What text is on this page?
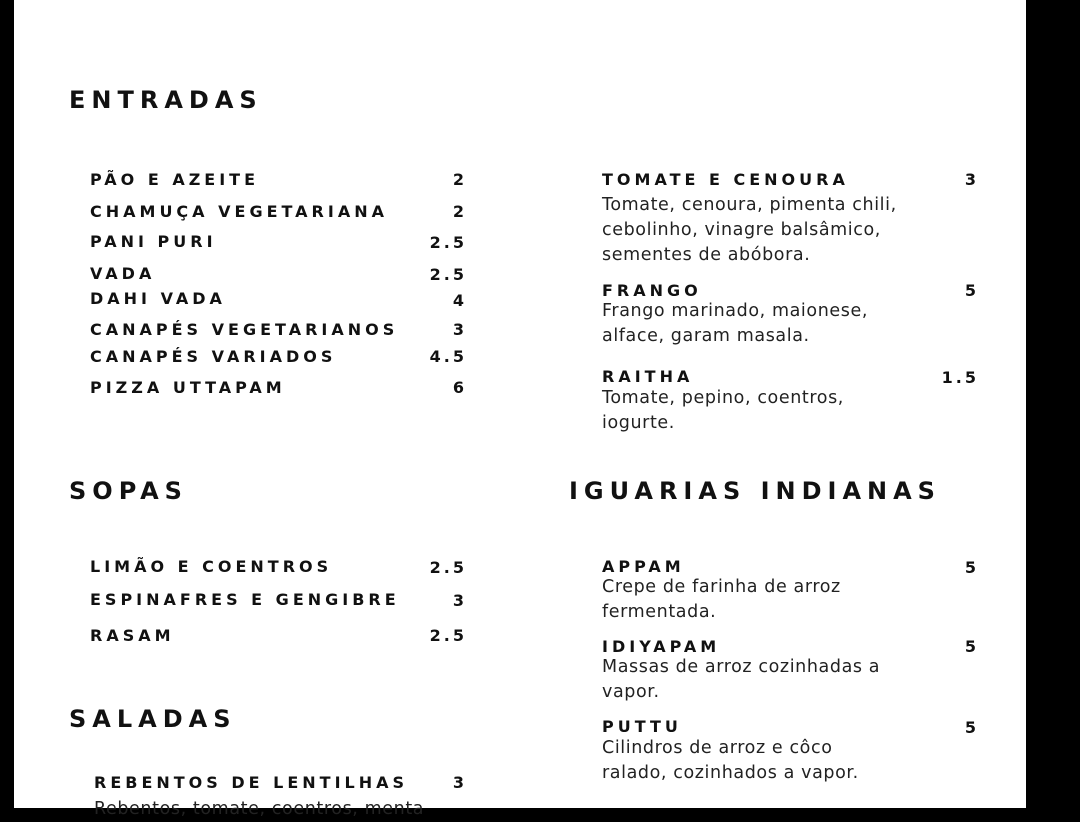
ENTRADAS
PÃO E AZEITE	2
CHAMUÇA VEGETARIANA	2
PANI PURI	2.5
VADA	2.5
DAHI VADA	4
CANAPÉS VEGETARIANOS	3
CANAPÉS VARIADOS	4.5
PIZZA UTTAPAM	6
SOPAS
LIMÃO E COENTROS	2.5
ESPINAFRES E GENGIBRE	3
RASAM	2.5
SALADAS
REBENTOS DE LENTILHAS	3
Rebentos, tomate, coentros, menta
TOMATE E CENOURA	3
Tomate, cenoura, pimenta chili, cebolinho, vinagre balsâmico, sementes de abóbora.
FRANGO	5
Frango marinado, maionese, alface, garam masala.
RAITHA	1.5
Tomate, pepino, coentros, iogurte.
IGUARIAS INDIANAS
APPAM	5
Crepe de farinha de arroz fermentada.
IDIYAPAM	5
Massas de arroz cozinhadas a vapor.
PUTTU	5
Cilindros de arroz e côco ralado, cozinhados a vapor.
